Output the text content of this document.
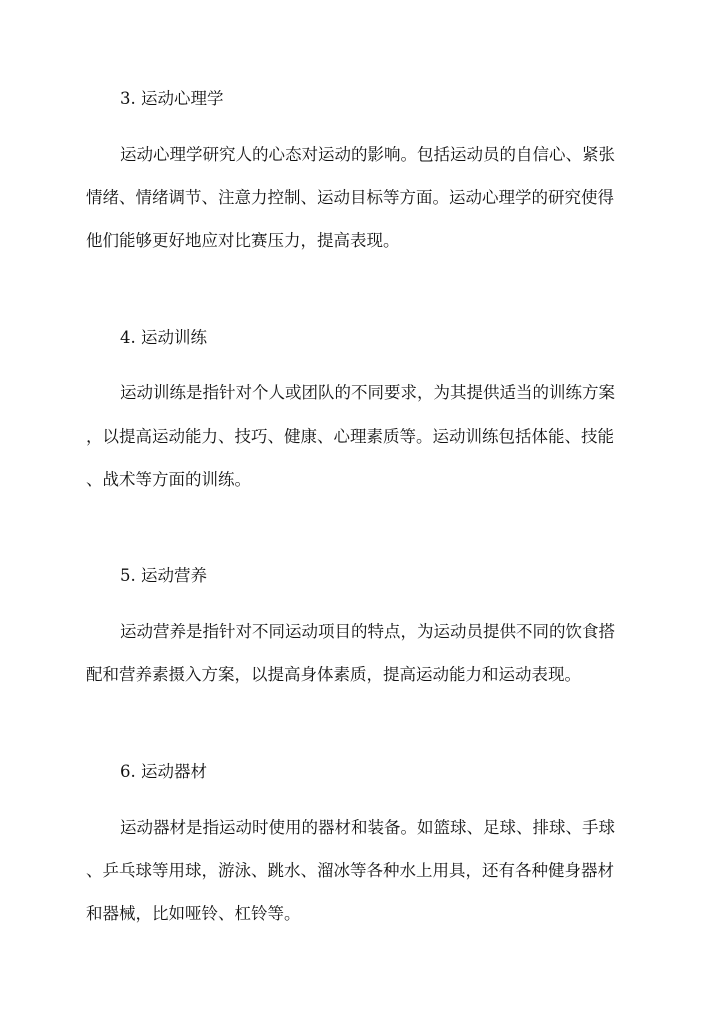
3. 运动心理学
运动心理学研究人的心态对运动的影响。包括运动员的自信心、紧张
情绪、情绪调节、注意力控制、运动目标等方面。运动心理学的研究使得
他们能够更好地应对比赛压力，提高表现。
4. 运动训练
运动训练是指针对个人或团队的不同要求，为其提供适当的训练方案
，以提高运动能力、技巧、健康、心理素质等。运动训练包括体能、技能
、战术等方面的训练。
5. 运动营养
运动营养是指针对不同运动项目的特点，为运动员提供不同的饮食搭
配和营养素摄入方案，以提高身体素质，提高运动能力和运动表现。
6. 运动器材
运动器材是指运动时使用的器材和装备。如篮球、足球、排球、手球
、乒乓球等用球，游泳、跳水、溜冰等各种水上用具，还有各种健身器材
和器械，比如哑铃、杠铃等。
